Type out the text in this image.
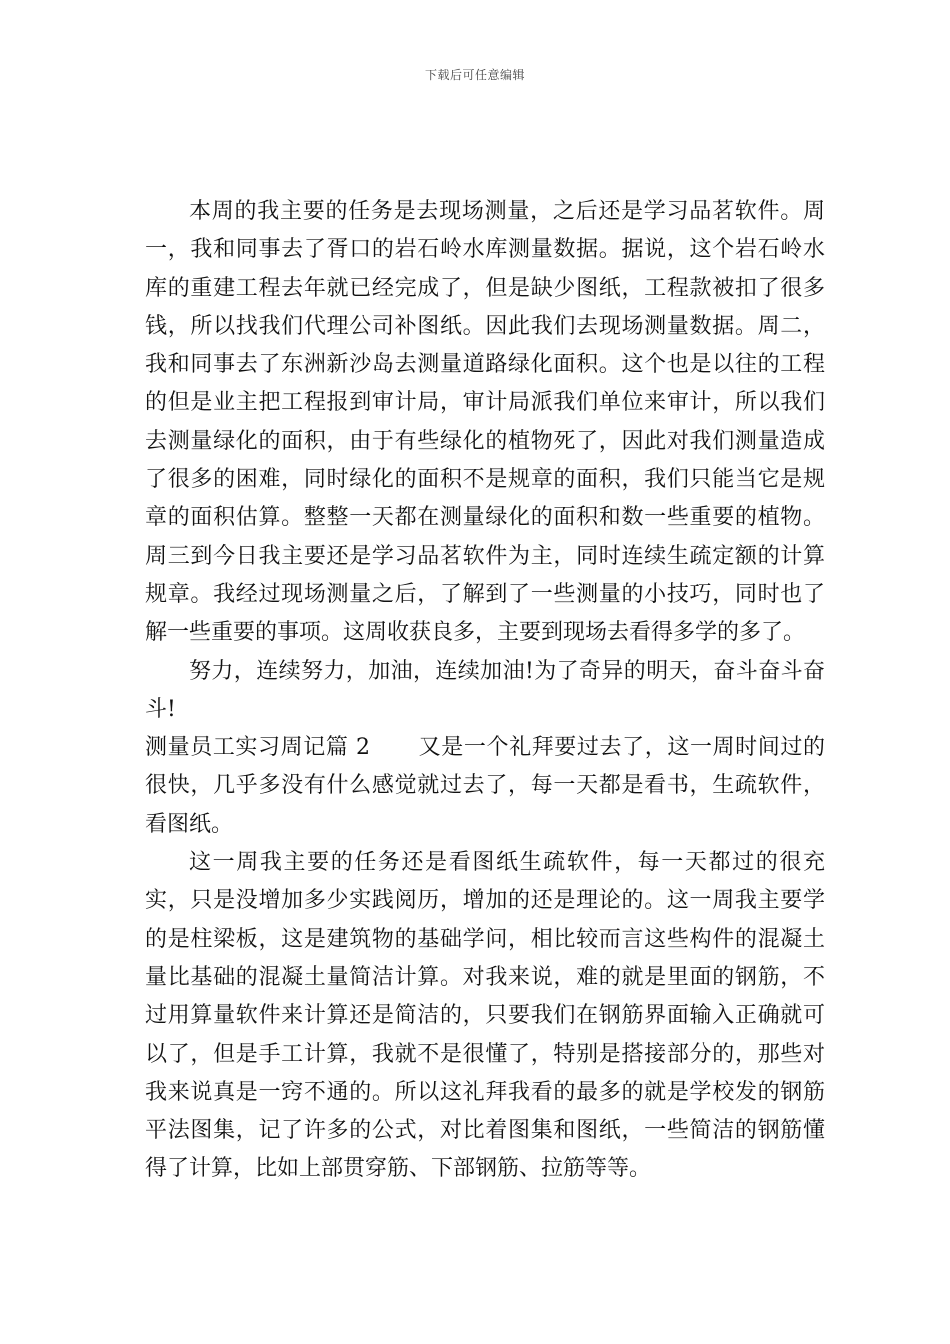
下载后可任意编辑

本周的我主要的任务是去现场测量，之后还是学习品茗软件。周一，我和同事去了胥口的岩石岭水库测量数据。据说，这个岩石岭水库的重建工程去年就已经完成了，但是缺少图纸，工程款被扣了很多钱，所以找我们代理公司补图纸。因此我们去现场测量数据。周二，我和同事去了东洲新沙岛去测量道路绿化面积。这个也是以往的工程的但是业主把工程报到审计局，审计局派我们单位来审计，所以我们去测量绿化的面积，由于有些绿化的植物死了，因此对我们测量造成了很多的困难，同时绿化的面积不是规章的面积，我们只能当它是规章的面积估算。整整一天都在测量绿化的面积和数一些重要的植物。周三到今日我主要还是学习品茗软件为主，同时连续生疏定额的计算规章。我经过现场测量之后，了解到了一些测量的小技巧，同时也了解一些重要的事项。这周收获良多，主要到现场去看得多学的多了。

努力，连续努力，加油，连续加油!为了奇异的明天，奋斗奋斗奋斗!

测量员工实习周记篇 2 又是一个礼拜要过去了，这一周时间过的很快，几乎多没有什么感觉就过去了，每一天都是看书，生疏软件，看图纸。

这一周我主要的任务还是看图纸生疏软件，每一天都过的很充实，只是没增加多少实践阅历，增加的还是理论的。这一周我主要学的是柱梁板，这是建筑物的基础学问，相比较而言这些构件的混凝土量比基础的混凝土量简洁计算。对我来说，难的就是里面的钢筋，不过用算量软件来计算还是简洁的，只要我们在钢筋界面输入正确就可以了，但是手工计算，我就不是很懂了，特别是搭接部分的，那些对我来说真是一窍不通的。所以这礼拜我看的最多的就是学校发的钢筋平法图集，记了许多的公式，对比着图集和图纸，一些简洁的钢筋懂得了计算，比如上部贯穿筋、下部钢筋、拉筋等等。
